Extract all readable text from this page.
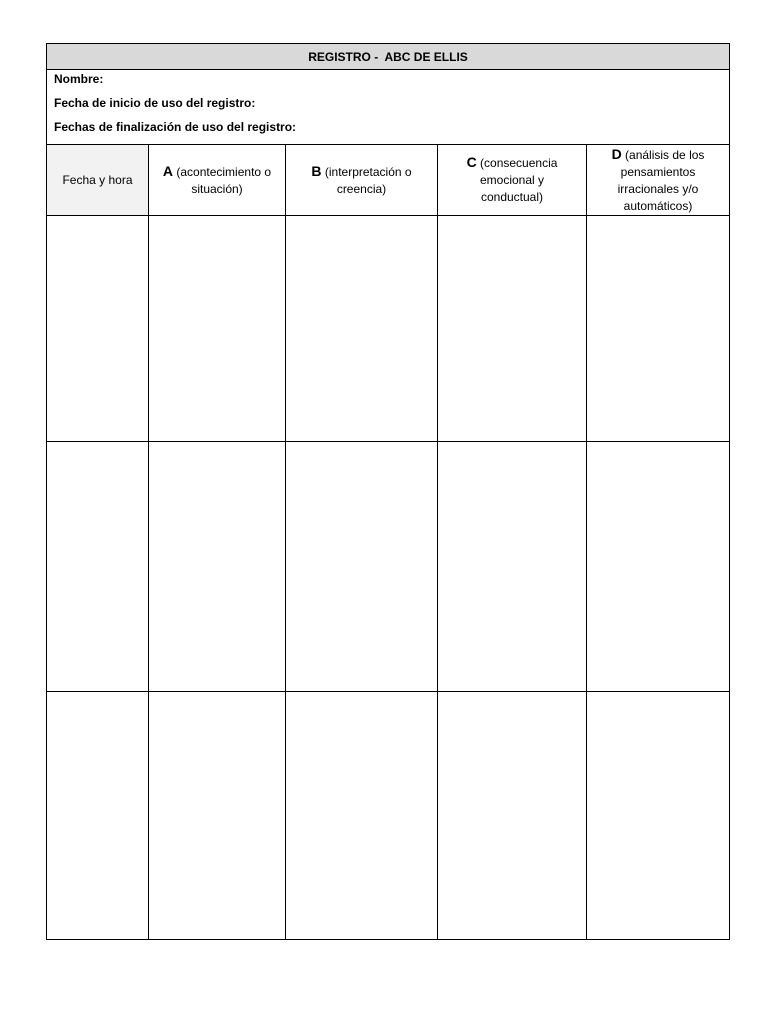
REGISTRO -  ABC DE ELLIS
Nombre:
Fecha de inicio de uso del registro:
Fechas de finalización de uso del registro:
Fecha y hora
A (acontecimiento o situación)
B (interpretación o creencia)
C (consecuencia emocional y conductual)
D (análisis de los pensamientos irracionales y/o automáticos)
